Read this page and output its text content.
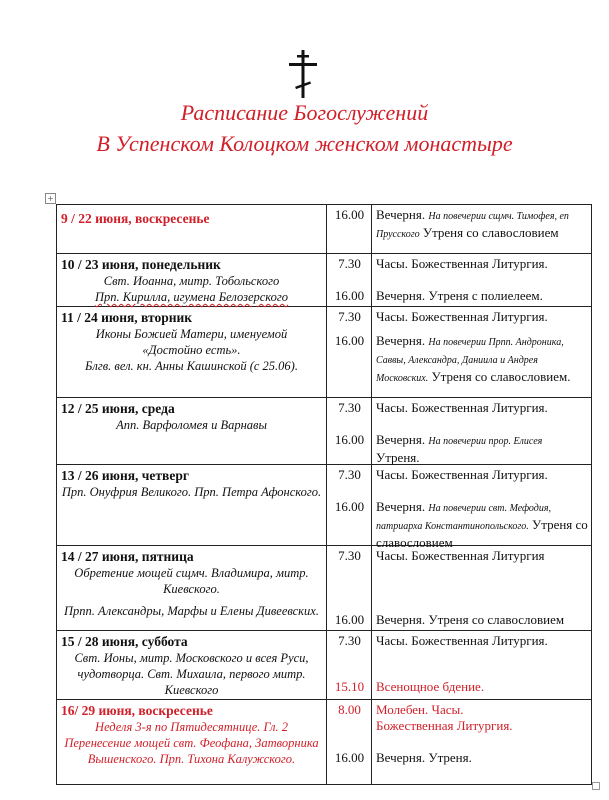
Расписание Богослужений
В Успенском Колоцком женском монастыре
+
9 / 22 июня, воскресенье	16.00 Вечерня. На повечерии сщмч. Тимофея, еп Прусского Утреня со славословием
10 / 23 июня, понедельник
Свт. Иоанна, митр. Тобольского
Прп. Кирилла, игумена Белозерского
7.30
16.00
Часы. Божественная Литургия.
Вечерня. Утреня с полиелеем.
11 / 24 июня, вторник
Иконы Божией Матери, именуемой
«Достойно есть».
Блгв. вел. кн. Анны Кашинской (с 25.06).
7.30
16.00
Часы. Божественная Литургия.
Вечерня. На повечерии Прпп. Андроника, Саввы, Александра, Даниила и Андрея Московских. Утреня со славословием.
12 / 25 июня, среда
Апп. Варфоломея и Варнавы
7.30
16.00
Часы. Божественная Литургия.
Вечерня. На повечерии прор. Елисея Утреня.
13 / 26 июня, четверг
Прп. Онуфрия Великого. Прп. Петра Афонского.
7.30
16.00
Часы. Божественная Литургия.
Вечерня. На повечерии свт. Мефодия, патриарха Константинопольского. Утреня со славословием
14 / 27 июня, пятница
Обретение мощей сщмч. Владимира, митр. Киевского.
Прпп. Александры, Марфы и Елены Дивеевских.
7.30
16.00
Часы. Божественная Литургия
Вечерня. Утреня со славословием
15 / 28 июня, суббота
Свт. Ионы, митр. Московского и всея Руси, чудотворца. Свт. Михаила, первого митр. Киевского
7.30
15.10
Часы. Божественная Литургия.
Всенощное бдение.
16/ 29 июня, воскресенье
Неделя 3-я по Пятидесятнице. Гл. 2
Перенесение мощей свт. Феофана, Затворника Вышенского. Прп. Тихона Калужского.
8.00
16.00
Молебен. Часы.
Божественная Литургия.
Вечерня. Утреня.
